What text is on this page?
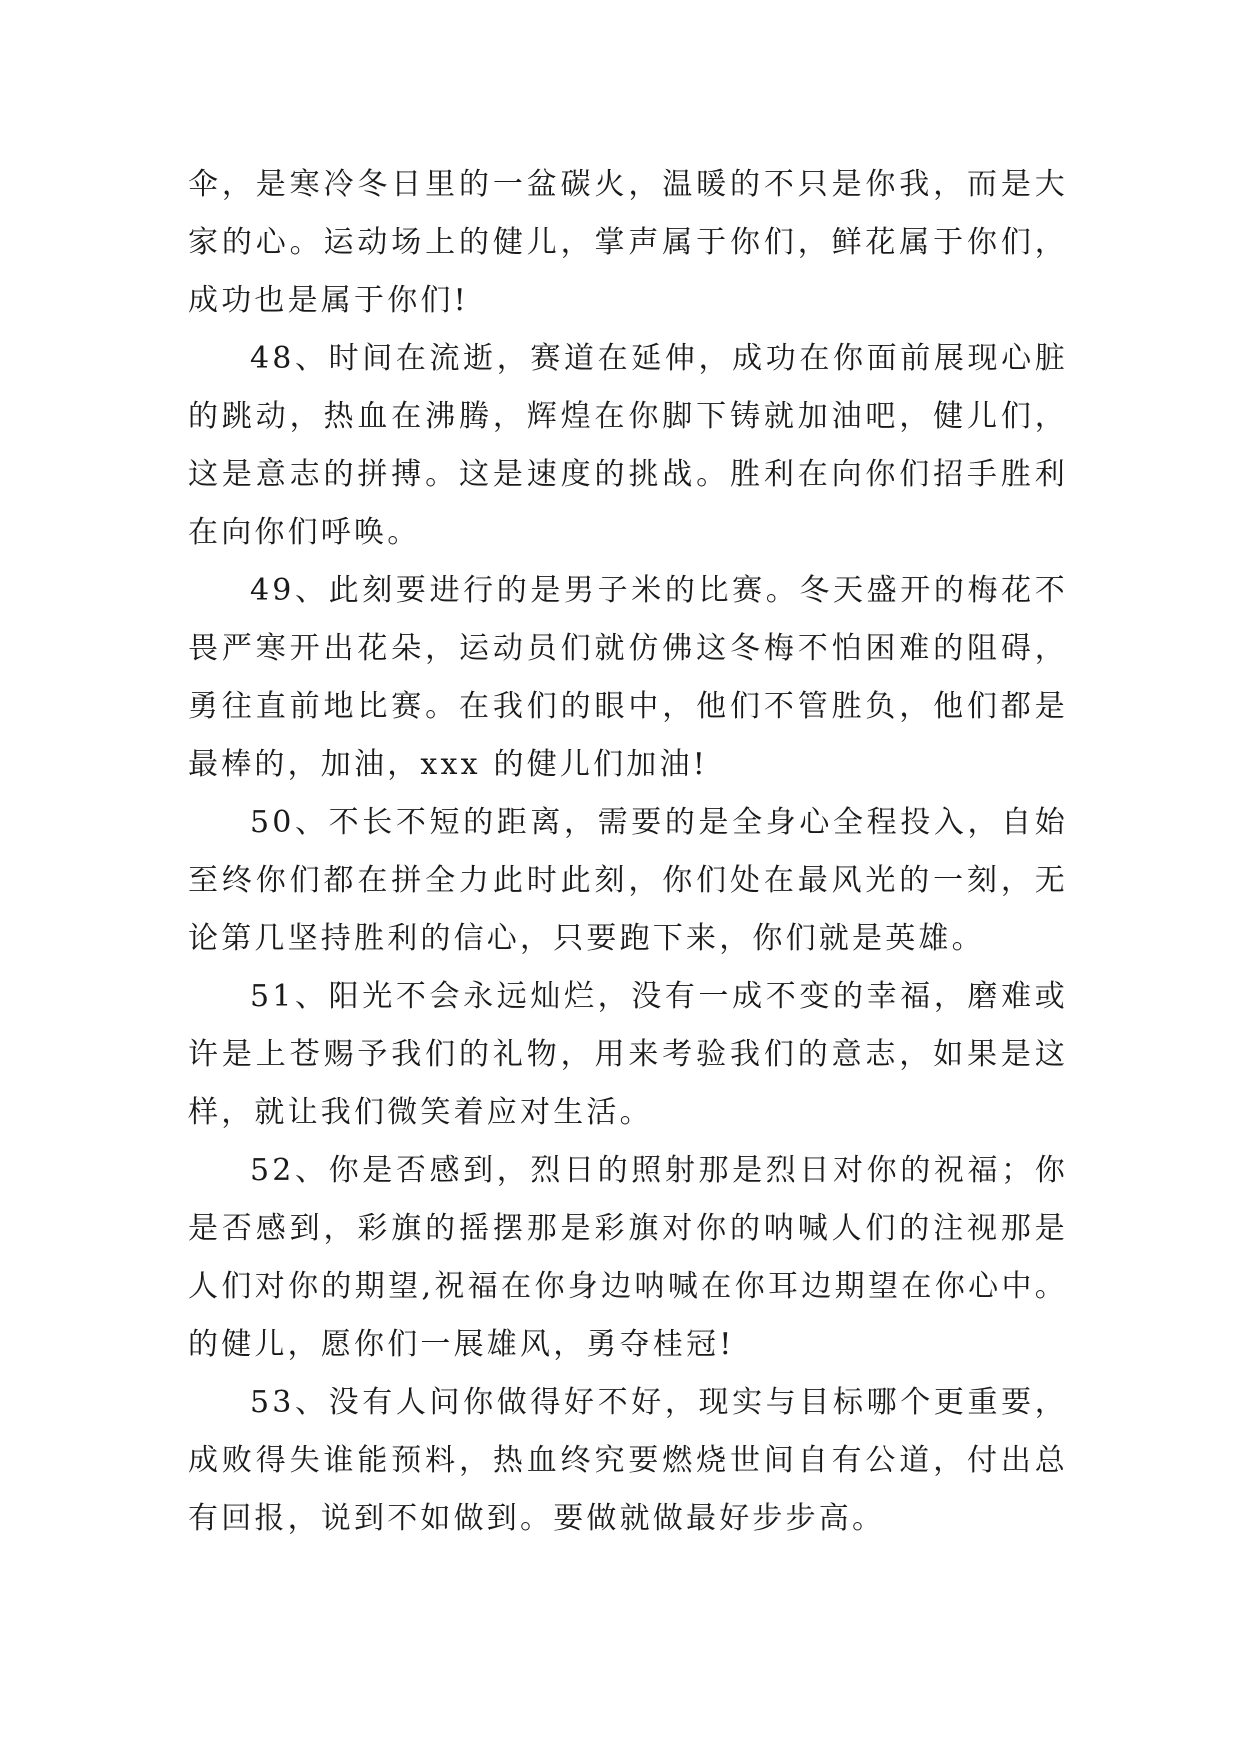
伞，是寒冷冬日里的一盆碳火，温暖的不只是你我，而是大家的心。运动场上的健儿，掌声属于你们，鲜花属于你们，成功也是属于你们!

48、时间在流逝，赛道在延伸，成功在你面前展现心脏的跳动，热血在沸腾，辉煌在你脚下铸就加油吧，健儿们，这是意志的拼搏。这是速度的挑战。胜利在向你们招手胜利在向你们呼唤。

49、此刻要进行的是男子米的比赛。冬天盛开的梅花不畏严寒开出花朵，运动员们就仿佛这冬梅不怕困难的阻碍，勇往直前地比赛。在我们的眼中，他们不管胜负，他们都是最棒的，加油，xxx 的健儿们加油!

50、不长不短的距离，需要的是全身心全程投入，自始至终你们都在拼全力此时此刻，你们处在最风光的一刻，无论第几坚持胜利的信心，只要跑下来，你们就是英雄。

51、阳光不会永远灿烂，没有一成不变的幸福，磨难或许是上苍赐予我们的礼物，用来考验我们的意志，如果是这样，就让我们微笑着应对生活。

52、你是否感到，烈日的照射那是烈日对你的祝福；你是否感到，彩旗的摇摆那是彩旗对你的呐喊人们的注视那是人们对你的期望,祝福在你身边呐喊在你耳边期望在你心中。的健儿，愿你们一展雄风，勇夺桂冠!

53、没有人问你做得好不好，现实与目标哪个更重要，成败得失谁能预料，热血终究要燃烧世间自有公道，付出总有回报，说到不如做到。要做就做最好步步高。
